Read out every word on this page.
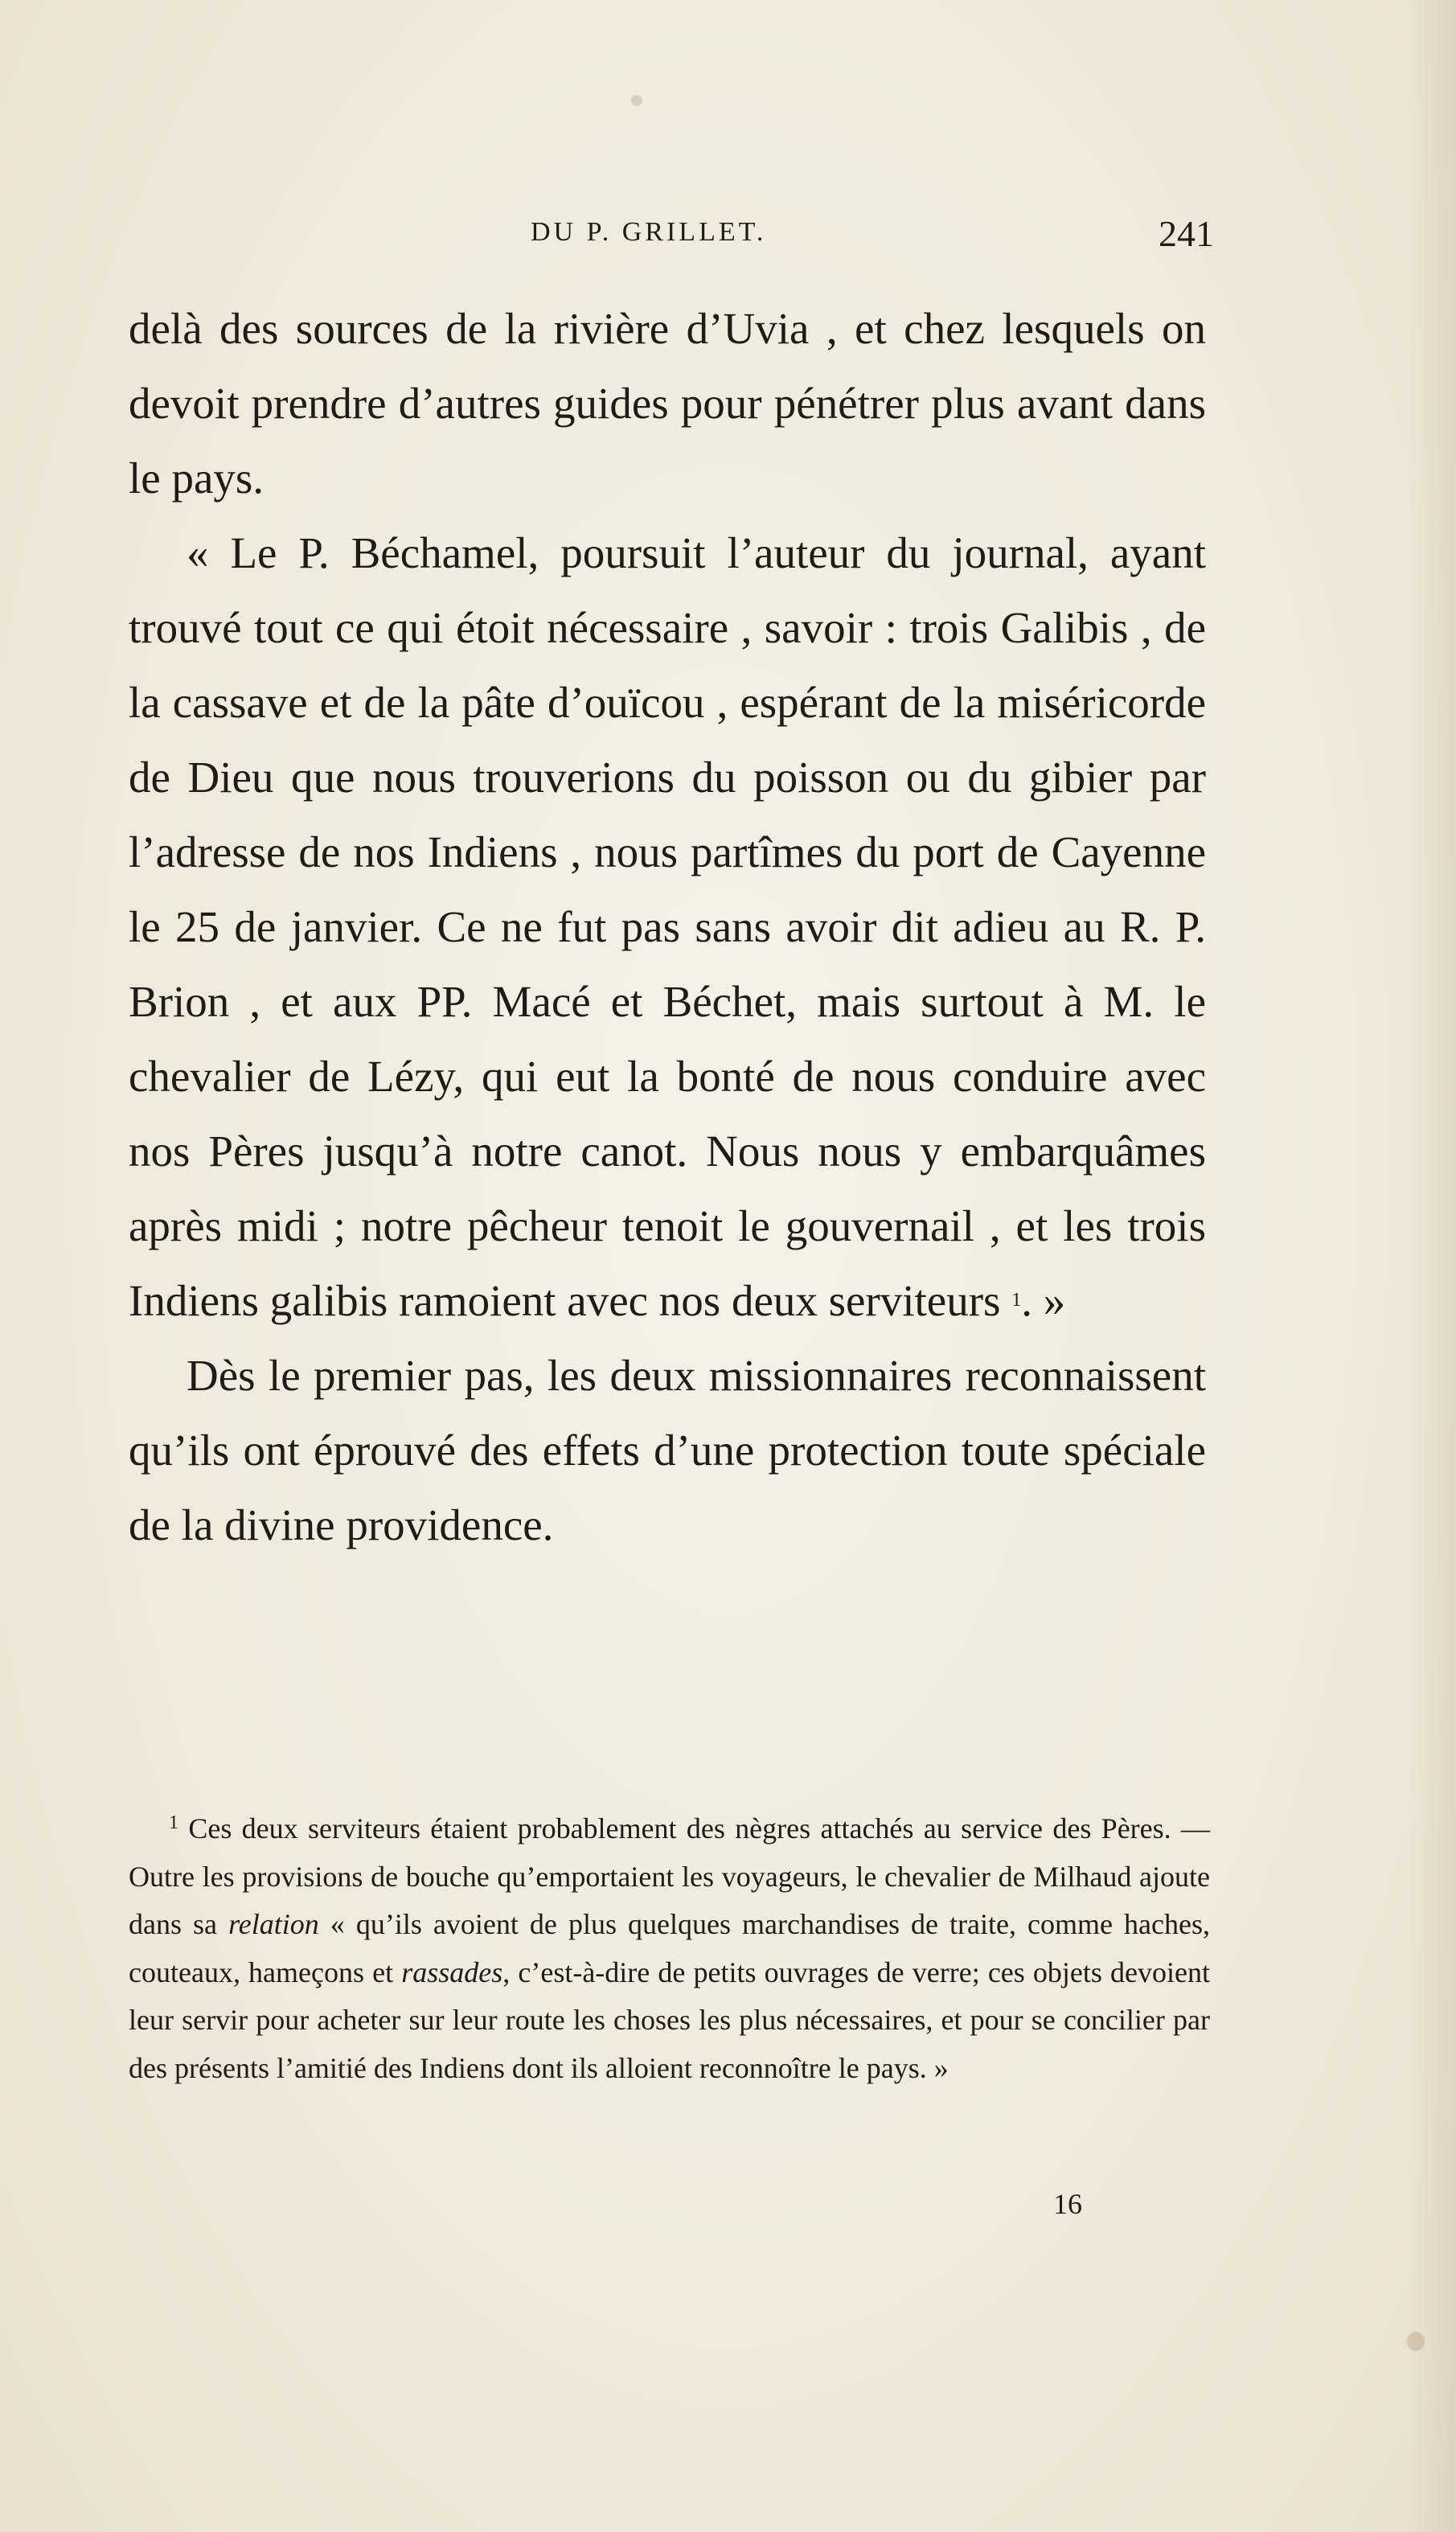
DU P. GRILLET.	241

delà des sources de la rivière d’Uvia , et chez lesquels on devoit prendre d’autres guides pour pénétrer plus avant dans le pays.

« Le P. Béchamel, poursuit l’auteur du journal, ayant trouvé tout ce qui étoit nécessaire , savoir : trois Galibis , de la cassave et de la pâte d’ouïcou , espérant de la miséricorde de Dieu que nous trouverions du poisson ou du gibier par l’adresse de nos Indiens , nous partîmes du port de Cayenne le 25 de janvier. Ce ne fut pas sans avoir dit adieu au R. P. Brion , et aux PP. Macé et Béchet, mais surtout à M. le chevalier de Lézy, qui eut la bonté de nous conduire avec nos Pères jusqu’à notre canot. Nous nous y embarquâmes après midi ; notre pêcheur tenoit le gouvernail , et les trois Indiens galibis ramoient avec nos deux serviteurs $^1$. »

Dès le premier pas, les deux missionnaires reconnaissent qu’ils ont éprouvé des effets d’une protection toute spéciale de la divine providence.

$^1$ Ces deux serviteurs étaient probablement des nègres attachés au service des Pères. — Outre les provisions de bouche qu’emportaient les voyageurs, le chevalier de Milhaud ajoute dans sa relation « qu’ils avoient de plus quelques marchandises de traite, comme haches, couteaux, hameçons et rassades, c’est-à-dire de petits ouvrages de verre; ces objets devoient leur servir pour acheter sur leur route les choses les plus nécessaires, et pour se concilier par des présents l’amitié des Indiens dont ils alloient reconnoître le pays. »

16
